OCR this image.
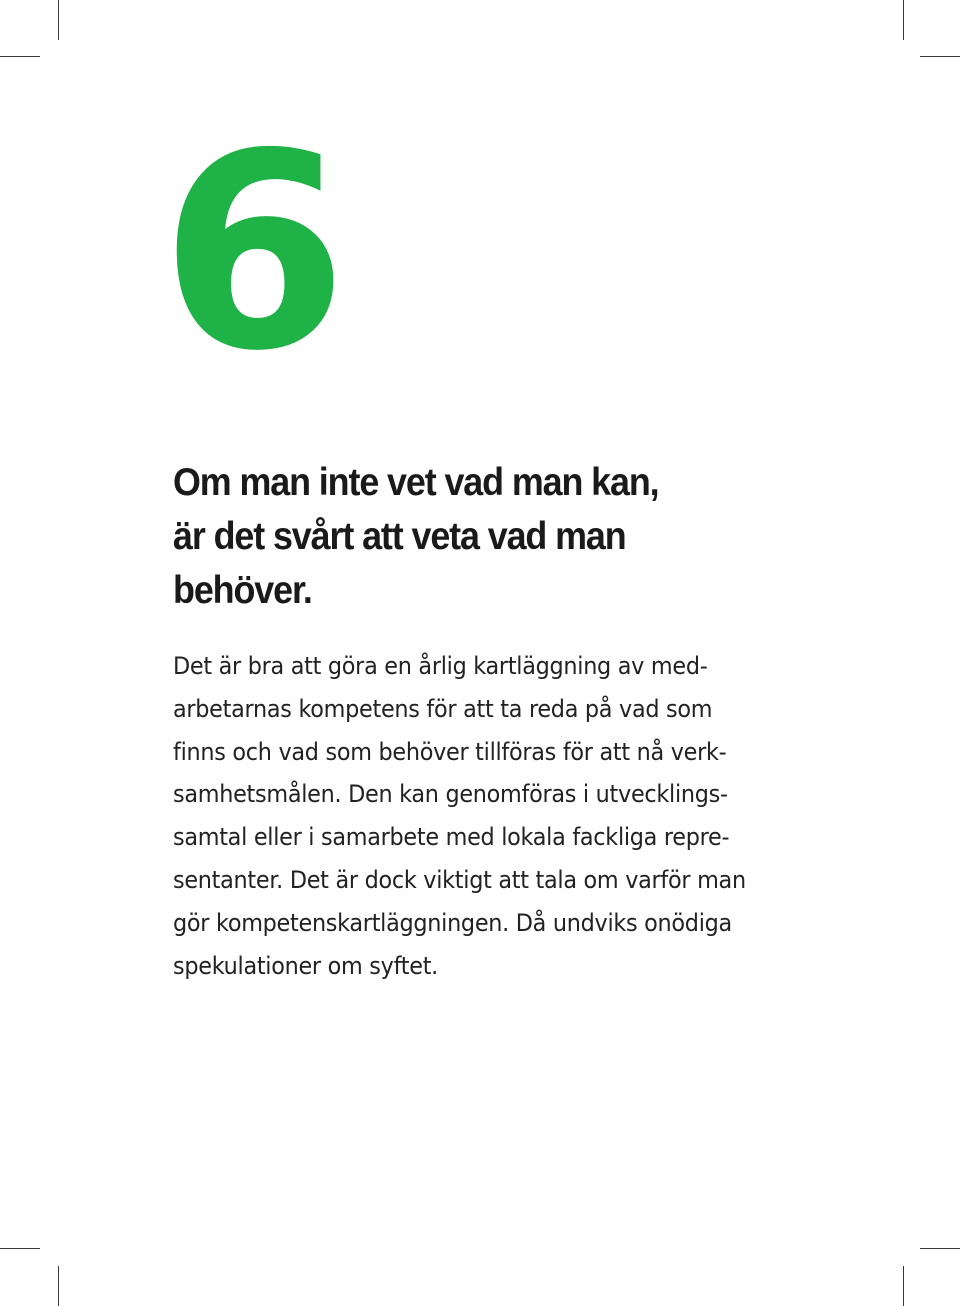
6
Om man inte vet vad man kan,
är det svårt att veta vad man
behöver.

Det är bra att göra en årlig kartläggning av med-
arbetarnas kompetens för att ta reda på vad som
finns och vad som behöver tillföras för att nå verk-
samhetsmålen. Den kan genomföras i utvecklings-
samtal eller i samarbete med lokala fackliga repre-
sentanter. Det är dock viktigt att tala om varför man
gör kompetenskartläggningen. Då undviks onödiga
spekulationer om syftet.
